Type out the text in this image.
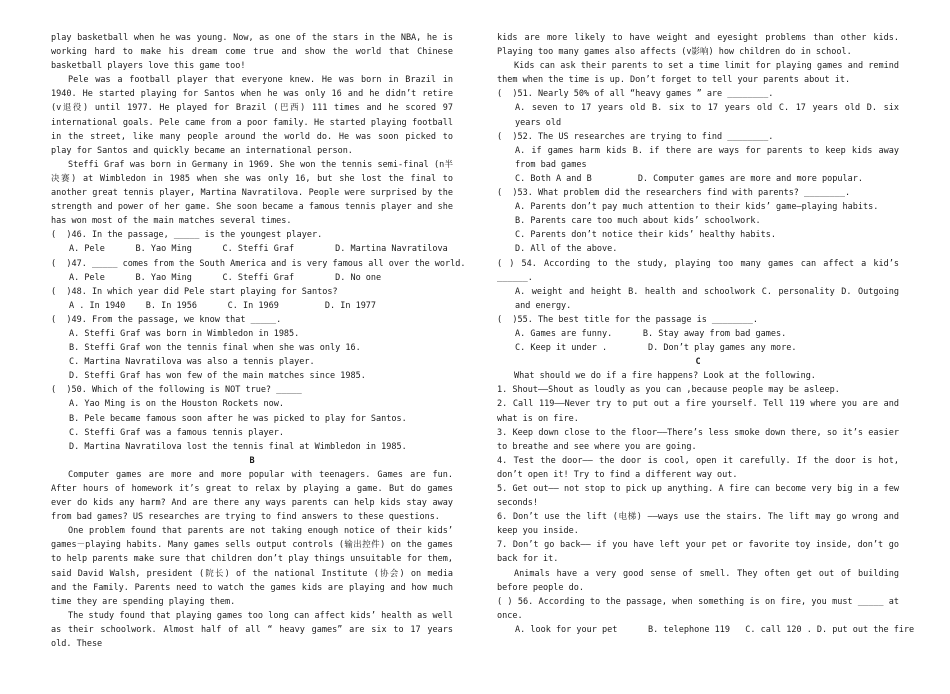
play basketball when he was young. Now, as one of the stars in the NBA, he is working hard to make his dream come true and show the world that Chinese basketball players love this game too!

Pele was a football player that everyone knew. He was born in Brazil in 1940. He started playing for Santos when he was only 16 and he didn’t retire (v退役) until 1977. He played for Brazil (巴西) 111 times and he scored 97 international goals. Pele came from a poor family. He started playing football in the street, like many people around the world do. He was soon picked to play for Santos and quickly became an international person.

Steffi Graf was born in Germany in 1969. She won the tennis semi-final (n半决赛) at Wimbledon in 1985 when she was only 16, but she lost the final to another great tennis player, Martina Navratilova. People were surprised by the strength and power of her game. She soon became a famous tennis player and she has won most of the main matches several times.

(  )46. In the passage, _____ is the youngest player.

A. Pele      B. Yao Ming      C. Steffi Graf        D. Martina Navratilova

(  )47. _____ comes from the South America and is very famous all over the world.

A. Pele      B. Yao Ming      C. Steffi Graf        D. No one

(  )48. In which year did Pele start playing for Santos?

A . In 1940    B. In 1956      C. In 1969         D. In 1977

(  )49. From the passage, we know that _____.

A. Steffi Graf was born in Wimbledon in 1985.

B. Steffi Graf won the tennis final when she was only 16.

C. Martina Navratilova was also a tennis player.

D. Steffi Graf has won few of the main matches since 1985.

(  )50. Which of the following is NOT true? _____

A. Yao Ming is on the Houston Rockets now.

B. Pele became famous soon after he was picked to play for Santos.

C. Steffi Graf was a famous tennis player.

D. Martina Navratilova lost the tennis final at Wimbledon in 1985.

B

Computer games are more and more popular with teenagers. Games are fun. After hours of homework it’s great to relax by playing a game. But do games ever do kids any harm? And are there any ways parents can help kids stay away from bad games? US researches are trying to find answers to these questions.

One problem found that parents are not taking enough notice of their kids’ games－playing habits. Many games sells output controls (输出控件) on the games to help parents make sure that children don’t play things unsuitable for them, said David Walsh, president (院长) of the national Institute (协会) on media and the Family. Parents need to watch the games kids are playing and how much time they are spending playing them.

The study found that playing games too long can affect kids’ health as well as their schoolwork. Almost half of all “ heavy games” are six to 17 years old. These

kids are more likely to have weight and eyesight problems than other kids. Playing too many games also affects (v影响) how children do in school.

Kids can ask their parents to set a time limit for playing games and remind them when the time is up. Don’t forget to tell your parents about it.

(  )51. Nearly 50% of all “heavy games ” are ________.

A. seven to 17 years old B. six to 17 years old C. 17 years old D. six years old

(  )52. The US researches are trying to find ________.

A. if games harm kids B. if there are ways for parents to keep kids away from bad games

C. Both A and B         D. Computer games are more and more popular.

(  )53. What problem did the researchers find with parents? ________.

A. Parents don’t pay much attention to their kids’ game—playing habits.

B. Parents care too much about kids’ schoolwork.

C. Parents don’t notice their kids’ healthy habits.

D. All of the above.

( ) 54. According to the study, playing too many games can affect a kid’s ______.

A. weight and height B. health and schoolwork C. personality D. Outgoing and energy.

(  )55. The best title for the passage is ________.

A. Games are funny.      B. Stay away from bad games.

C. Keep it under .        D. Don’t play games any more.

C

What should we do if a fire happens? Look at the following.

1. Shout——Shout as loudly as you can ,because people may be asleep.

2. Call 119——Never try to put out a fire yourself. Tell 119 where you are and what is on fire.

3. Keep down close to the floor——There’s less smoke down there, so it’s easier to breathe and see where you are going.

4. Test the door—— the door is cool, open it carefully. If the door is hot, don’t open it! Try to find a different way out.

5. Get out—— not stop to pick up anything. A fire can become very big in a few seconds!

6. Don’t use the lift (电梯) ——ways use the stairs. The lift may go wrong and keep you inside.

7. Don’t go back—— if you have left your pet or favorite toy inside, don’t go back for it.

Animals have a very good sense of smell. They often get out of building before people do.

( ) 56. According to the passage, when something is on fire, you must _____ at once.

A. look for your pet      B. telephone 119   C. call 120 . D. put out the fire
